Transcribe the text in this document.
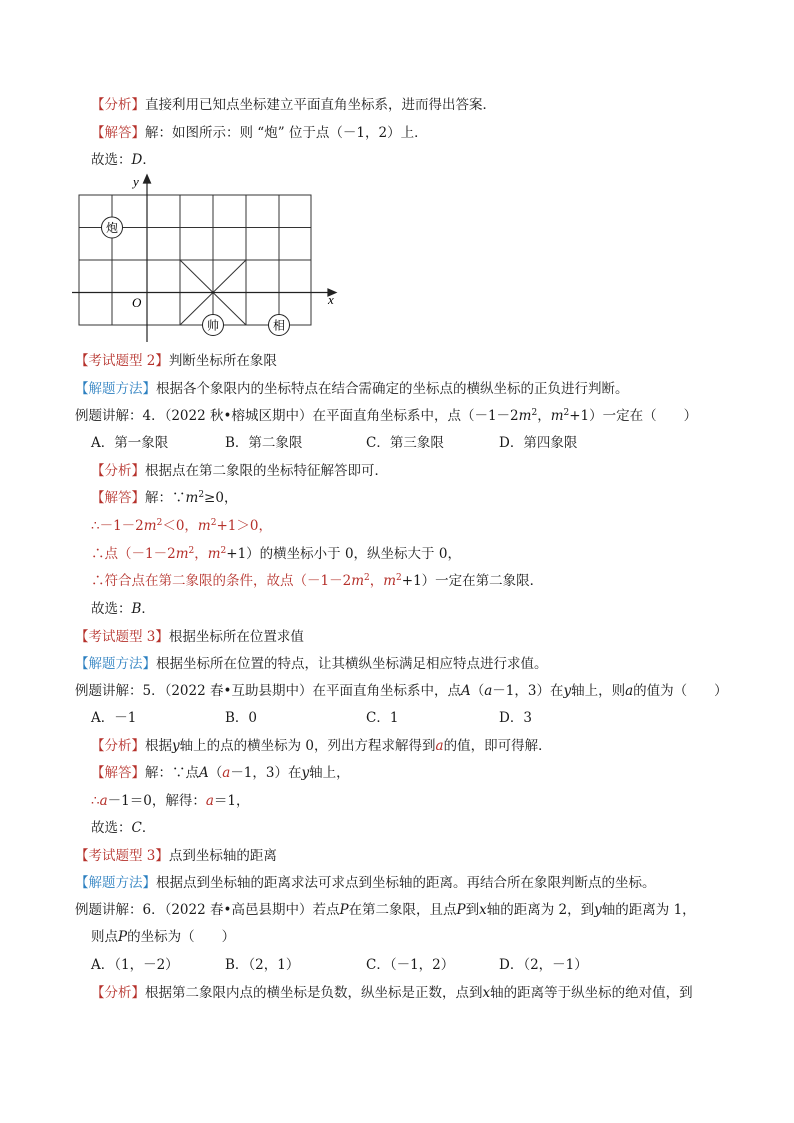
【分析】直接利用已知点坐标建立平面直角坐标系，进而得出答案．
【解答】解：如图所示：则 “炮” 位于点（－1，2）上．
故选：D．
x
y
O
炮
帅	相
【考试题型 2】判断坐标所在象限
【解题方法】根据各个象限内的坐标特点在结合需确定的坐标点的横纵坐标的正负进行判断。
例题讲解：4．（2022 秋•榕城区期中）在平面直角坐标系中，点（$-1-2m^2$，$m^2+1$）一定在（　　）
A．第一象限	B．第二象限	C．第三象限	D．第四象限
【分析】根据点在第二象限的坐标特征解答即可．
【解答】解：$\because m^2\ge 0$，
$\therefore-1-2m^2<0$，$m^2+1>0$，
∴点（$-1-2m^2$，$m^2+1$）的横坐标小于 0，纵坐标大于 0，
∴符合点在第二象限的条件，故点（$-1-2m^2$，$m^2+1$）一定在第二象限．
故选：B．
【考试题型 3】根据坐标所在位置求值
【解题方法】根据坐标所在位置的特点，让其横纵坐标满足相应特点进行求值。
例题讲解：5．（2022 春•互助县期中）在平面直角坐标系中，点A（a－1，3）在y轴上，则a的值为（　　）
A．－1	B．0	C．1	D．3
【分析】根据y轴上的点的横坐标为 0，列出方程求解得到a的值，即可得解．
【解答】解：∵点A（a－1，3）在y轴上，
∴a－1＝0，解得：a＝1，
故选：C．
【考试题型 3】点到坐标轴的距离
【解题方法】根据点到坐标轴的距离求法可求点到坐标轴的距离。再结合所在象限判断点的坐标。
例题讲解：6．（2022 春•高邑县期中）若点P在第二象限，且点P到x轴的距离为 2，到y轴的距离为 1，
则点P的坐标为（　　）
A．（1，－2）	B．（2，1）	C．（－1，2）	D．（2，－1）
【分析】根据第二象限内点的横坐标是负数，纵坐标是正数，点到x轴的距离等于纵坐标的绝对值，到
